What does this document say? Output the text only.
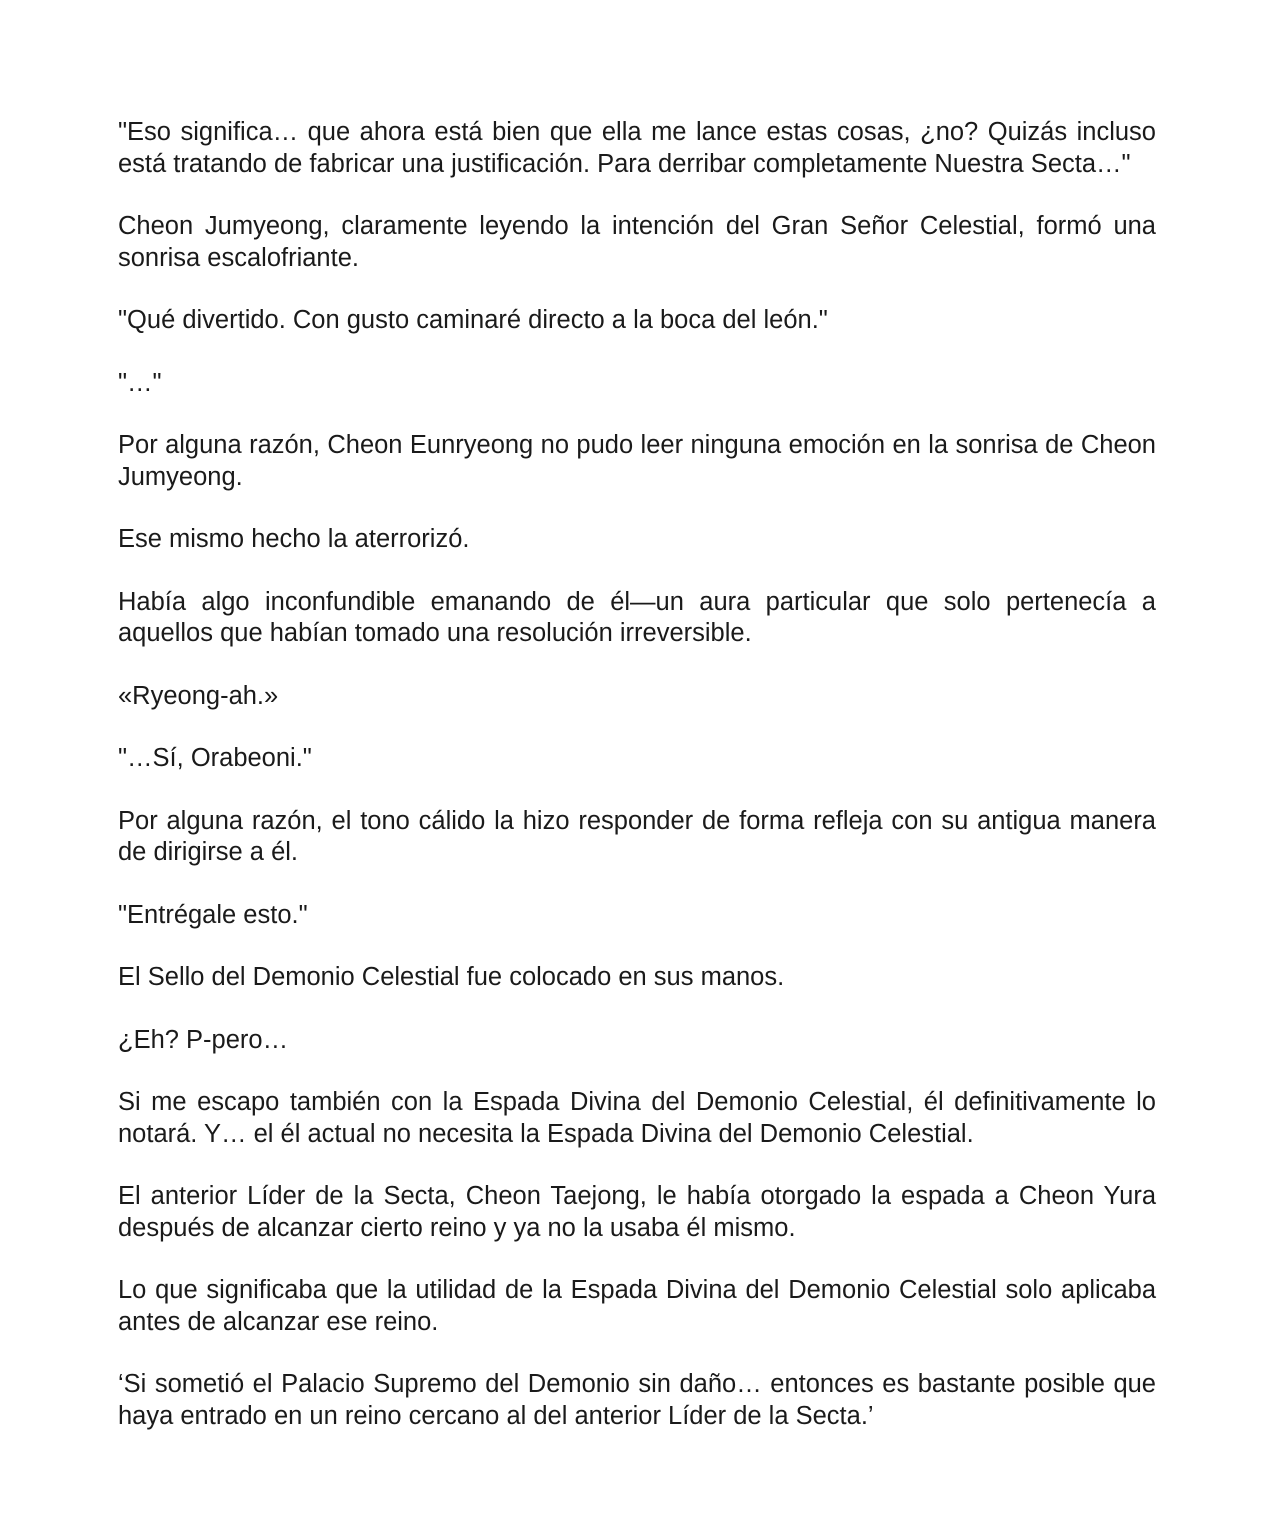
"Eso significa… que ahora está bien que ella me lance estas cosas, ¿no? Quizás incluso está tratando de fabricar una justificación. Para derribar completamente Nuestra Secta…"

Cheon Jumyeong, claramente leyendo la intención del Gran Señor Celestial, formó una sonrisa escalofriante.

"Qué divertido. Con gusto caminaré directo a la boca del león."

"…"

Por alguna razón, Cheon Eunryeong no pudo leer ninguna emoción en la sonrisa de Cheon Jumyeong.

Ese mismo hecho la aterrorizó.

Había algo inconfundible emanando de él—un aura particular que solo pertenecía a aquellos que habían tomado una resolución irreversible.

«Ryeong-ah.»

"…Sí, Orabeoni."

Por alguna razón, el tono cálido la hizo responder de forma refleja con su antigua manera de dirigirse a él.

"Entrégale esto."

El Sello del Demonio Celestial fue colocado en sus manos.

¿Eh? P-pero…

Si me escapo también con la Espada Divina del Demonio Celestial, él definitivamente lo notará. Y… el él actual no necesita la Espada Divina del Demonio Celestial.

El anterior Líder de la Secta, Cheon Taejong, le había otorgado la espada a Cheon Yura después de alcanzar cierto reino y ya no la usaba él mismo.

Lo que significaba que la utilidad de la Espada Divina del Demonio Celestial solo aplicaba antes de alcanzar ese reino.

‘Si sometió el Palacio Supremo del Demonio sin daño… entonces es bastante posible que haya entrado en un reino cercano al del anterior Líder de la Secta.’
